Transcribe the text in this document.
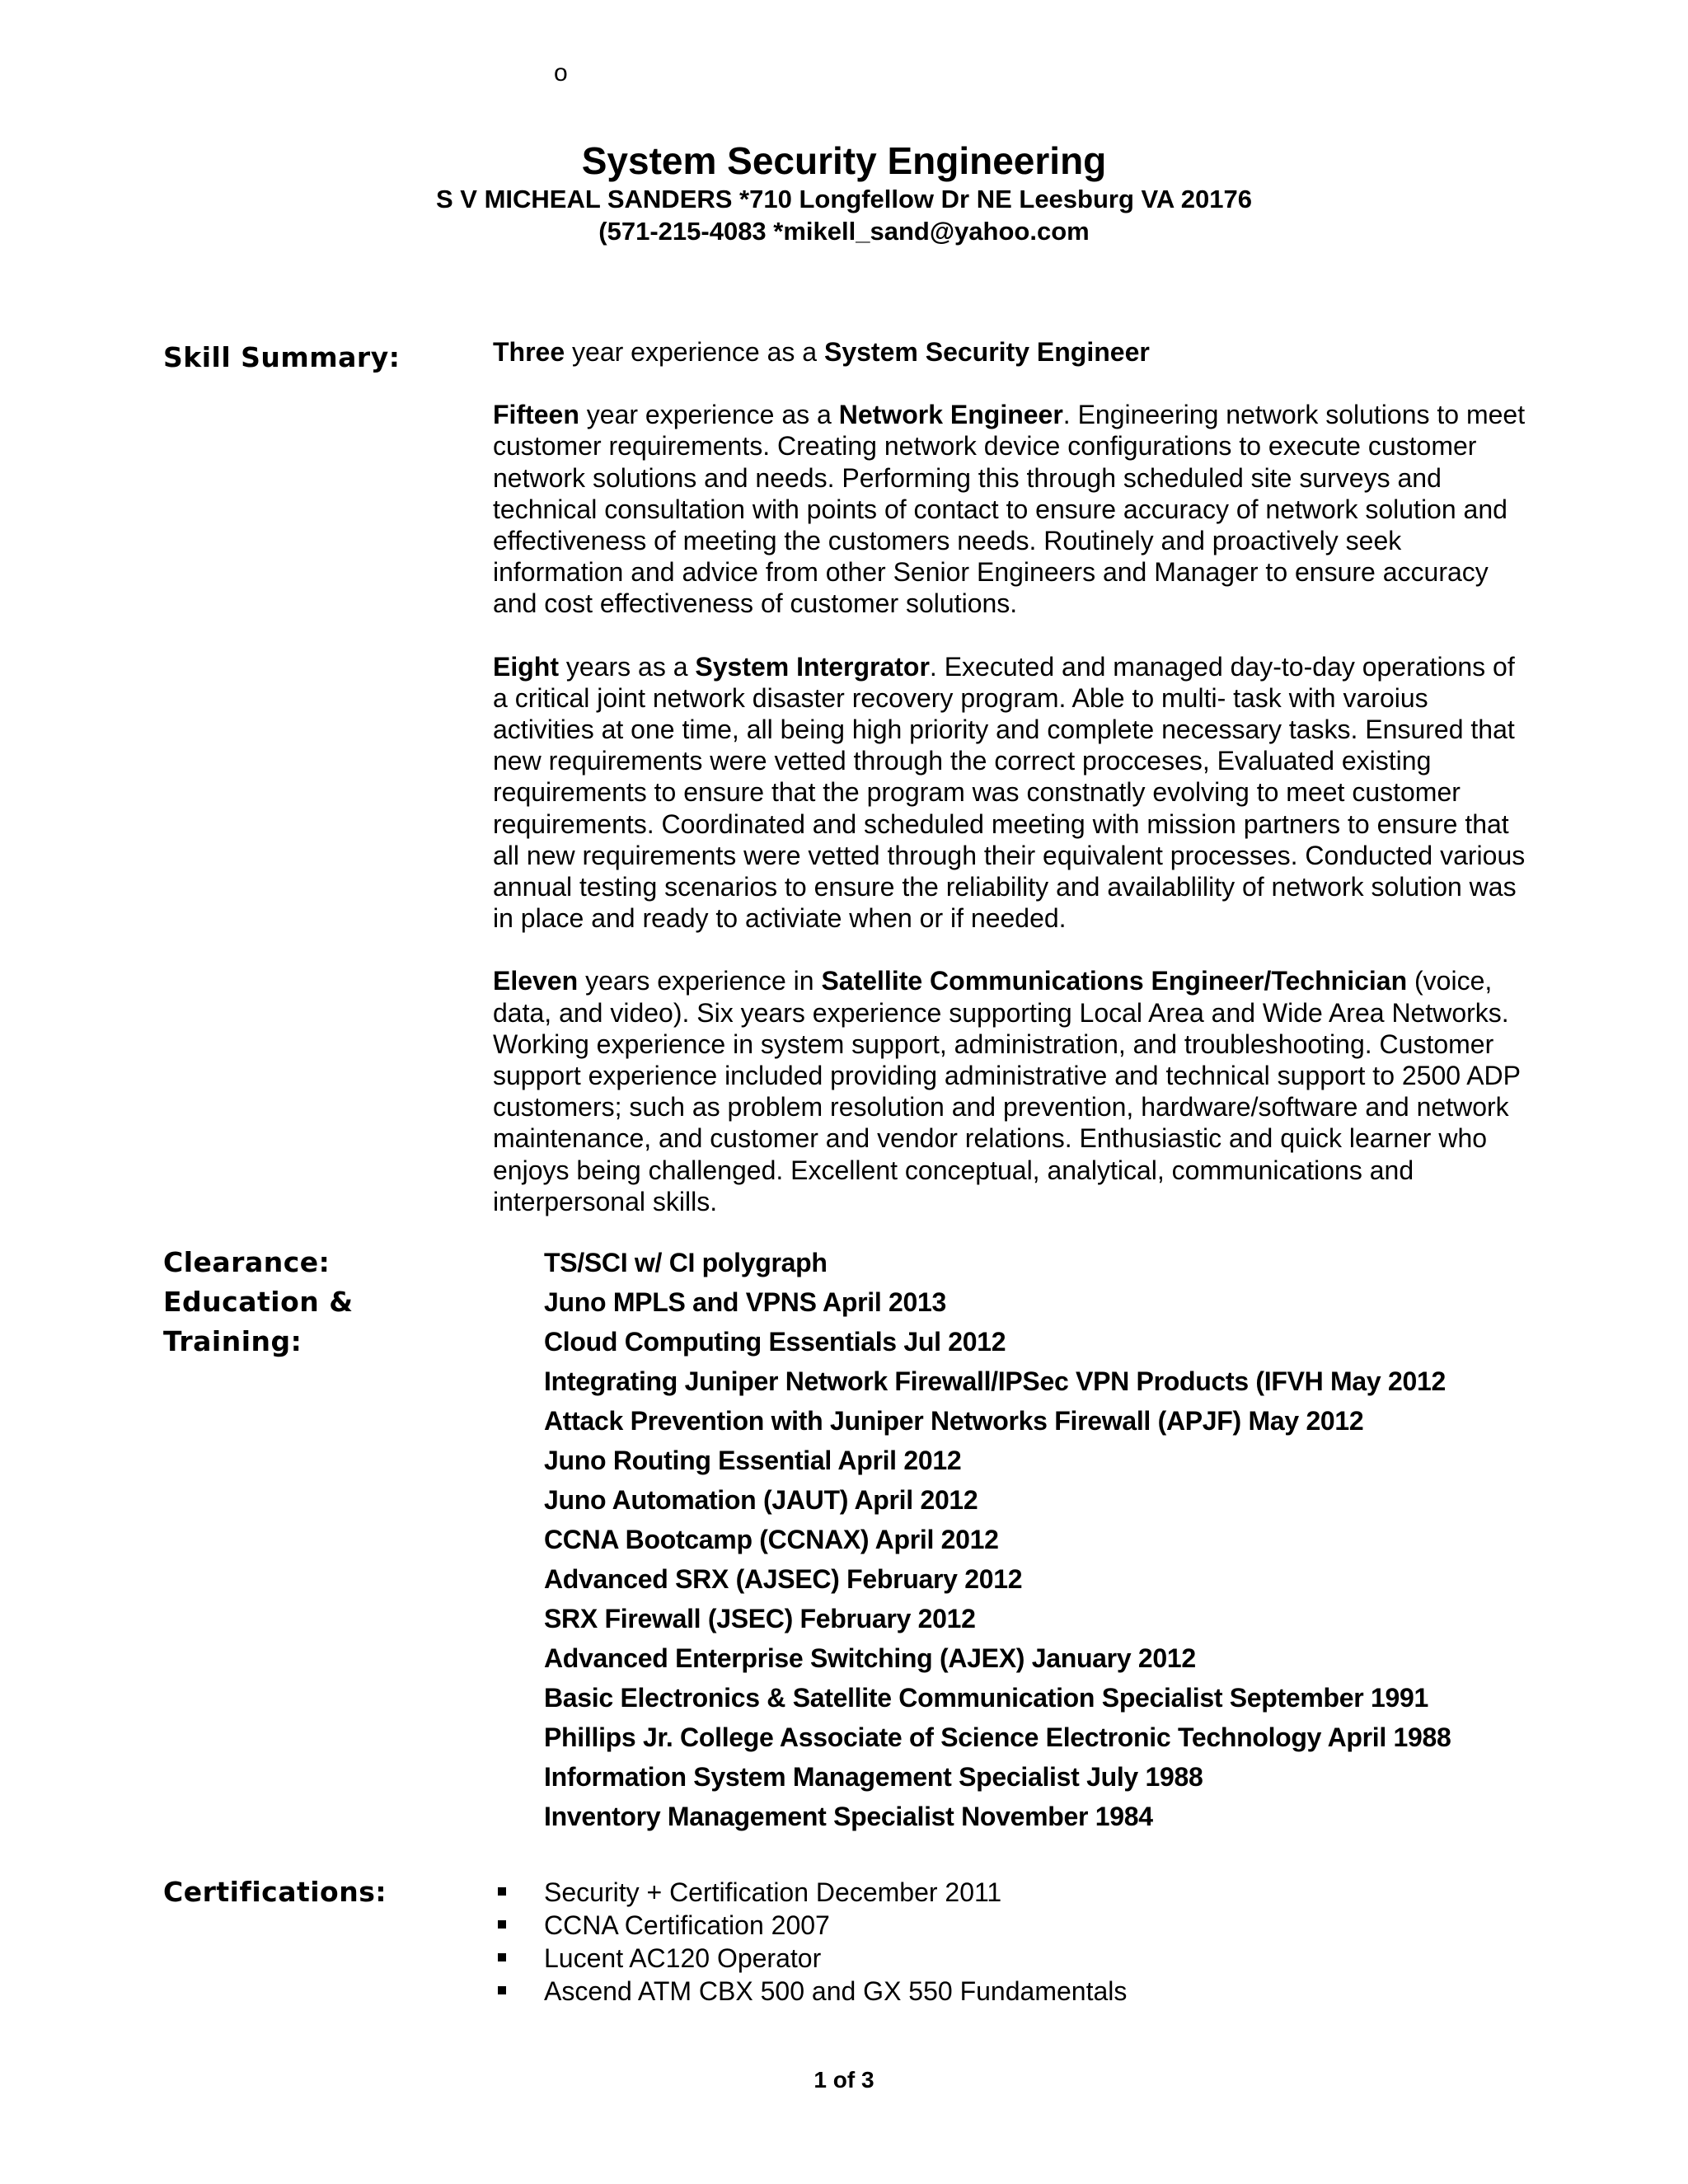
o
System Security Engineering
S V MICHEAL SANDERS *710 Longfellow Dr NE Leesburg VA 20176
(571-215-4083 *mikell_sand@yahoo.com
Skill Summary:	Three year experience as a System Security Engineer

Fifteen year experience as a Network Engineer. Engineering network solutions to meet customer requirements. Creating network device configurations to execute customer network solutions and needs. Performing this through scheduled site surveys and technical consultation with points of contact to ensure accuracy of network solution and effectiveness of meeting the customers needs. Routinely and proactively seek information and advice from other Senior Engineers and Manager to ensure accuracy and cost effectiveness of customer solutions.

Eight years as a System Intergrator. Executed and managed day-to-day operations of a critical joint network disaster recovery program. Able to multi- task with varoius activities at one time, all being high priority and complete necessary tasks. Ensured that new requirements were vetted through the correct procceses, Evaluated existing requirements to ensure that the program was constnatly evolving to meet customer requirements. Coordinated and scheduled meeting with mission partners to ensure that all new requirements were vetted through their equivalent processes. Conducted various annual testing scenarios to ensure the reliability and availablility of network solution was in place and ready to activiate when or if needed.

Eleven years experience in Satellite Communications Engineer/Technician (voice, data, and video). Six years experience supporting Local Area and Wide Area Networks. Working experience in system support, administration, and troubleshooting. Customer support experience included providing administrative and technical support to 2500 ADP customers; such as problem resolution and prevention, hardware/software and network maintenance, and customer and vendor relations. Enthusiastic and quick learner who enjoys being challenged. Excellent conceptual, analytical, communications and interpersonal skills.

Clearance:
Education &
Training:
TS/SCI w/ CI polygraph
Juno MPLS and VPNS April 2013
Cloud Computing Essentials Jul 2012
Integrating Juniper Network Firewall/IPSec VPN Products (IFVH May 2012
Attack Prevention with Juniper Networks Firewall (APJF) May 2012
Juno Routing Essential April 2012
Juno Automation (JAUT) April 2012
CCNA Bootcamp (CCNAX) April 2012
Advanced SRX (AJSEC) February 2012
SRX Firewall (JSEC) February 2012
Advanced Enterprise Switching (AJEX) January 2012
Basic Electronics & Satellite Communication Specialist September 1991
Phillips Jr. College Associate of Science Electronic Technology April 1988
Information System Management Specialist July 1988
Inventory Management Specialist November 1984
Certifications:	Security + Certification December 2011
CCNA Certification 2007
Lucent AC120 Operator
Ascend ATM CBX 500 and GX 550 Fundamentals
1 of 3
